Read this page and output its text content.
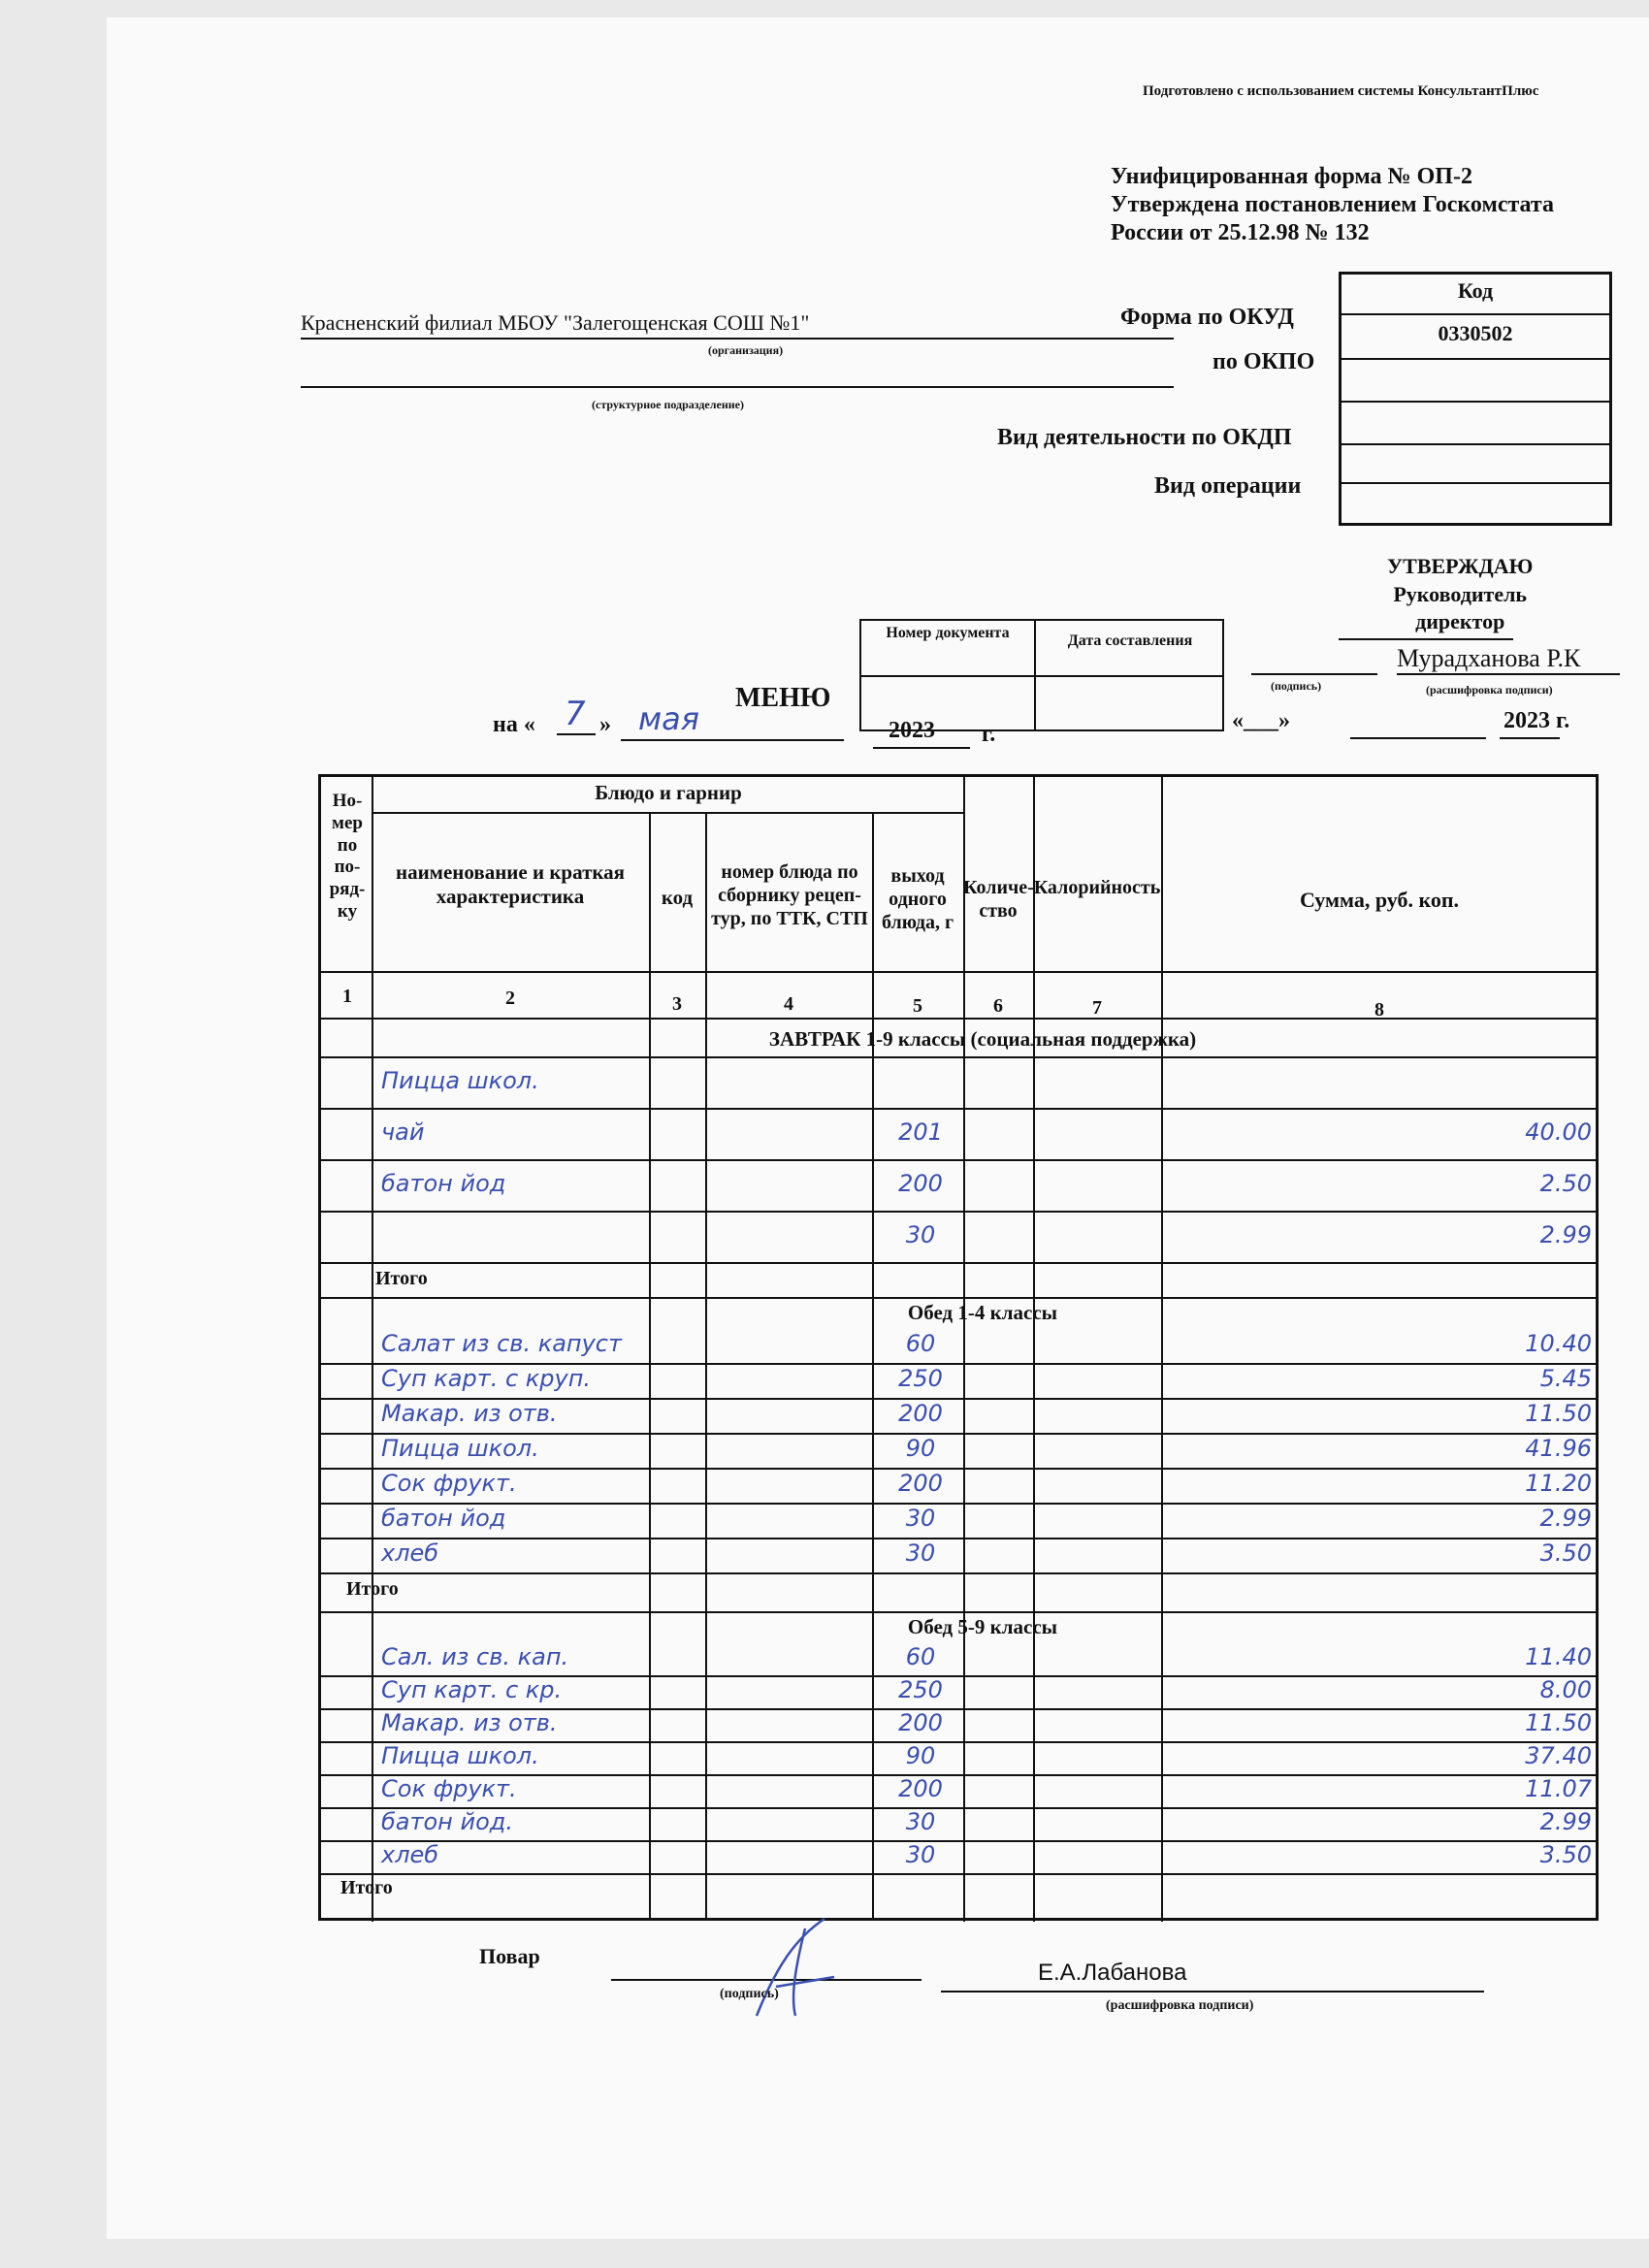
Подготовлено с использованием системы КонсультантПлюс
Унифицированная форма № ОП-2
Утверждена постановлением Госкомстата
России от 25.12.98 № 132
Код
0330502
Форма по ОКУД
по ОКПО
Вид деятельности по ОКДП
Вид операции
Красненский филиал МБОУ "Залегощенская СОШ №1"
(организация)
(структурное подразделение)
УТВЕРЖДАЮ
Руководитель
директор
Мурадханова Р.К
(подпись)	(расшифровка подписи)
«___»	2023 г.
Номер документа	Дата составления
МЕНЮ
на « 7 » мая	2023 г.
Но-мер по по-ряд-ку
Блюдо и гарнир
наименование и краткая характеристика	код
номер блюда по сборнику рецеп-тур, по ТТК, СТП
выход одного блюда, г
Количе-ство
Калорийность	Сумма, руб. коп.
1	2	3	4	5	6	7	8
ЗАВТРАК 1-9 классы (социальная поддержка)
Пицца школ.
чай	201	40.00
батон йод	200	2.50
30	2.99
Итого
Обед 1-4 классы
Салат из св. капуст	60	10.40
Суп карт. с круп.	250	5.45
Макар. из отв.	200	11.50
Пицца школ.	90	41.96
Сок фрукт.	200	11.20
батон йод	30	2.99
хлеб	30	3.50
Итого
Обед 5-9 классы
Сал. из св. кап.	60	11.40
Суп карт. с кр.	250	8.00
Макар. из отв.	200	11.50
Пицца школ.	90	37.40
Сок фрукт.	200	11.07
батон йод.	30	2.99
хлеб	30	3.50
Итого
Повар
(подпись)
Е.А.Лабанова
(расшифровка подписи)
